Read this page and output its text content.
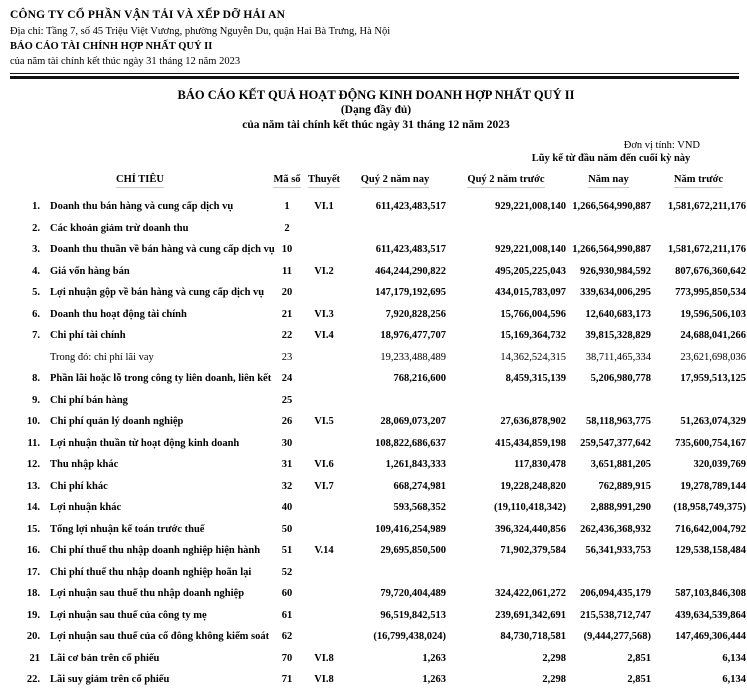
CÔNG TY CỔ PHẦN VẬN TẢI VÀ XẾP DỠ HẢI AN
Địa chỉ: Tầng 7, số 45 Triệu Việt Vương, phường Nguyễn Du, quận Hai Bà Trưng, Hà Nội
BÁO CÁO TÀI CHÍNH HỢP NHẤT QUÝ II
của năm tài chính kết thúc ngày 31 tháng 12 năm 2023
BÁO CÁO KẾT QUẢ HOẠT ĐỘNG KINH DOANH HỢP NHẤT QUÝ II
(Dạng đầy đủ)
của năm tài chính kết thúc ngày 31 tháng 12 năm 2023
Đơn vị tính: VND
Lũy kế từ đầu năm đến cuối kỳ này
CHỈ TIÊU	Mã số Thuyết	Quý 2 năm nay	Quý 2 năm trước	Năm nay	Năm trước
1. Doanh thu bán hàng và cung cấp dịch vụ	1	VI.1	611,423,483,517	929,221,008,140 1,266,564,990,887	1,581,672,211,176
2. Các khoản giảm trừ doanh thu	2
3. Doanh thu thuần về bán hàng và cung cấp dịch vụ 10	611,423,483,517	929,221,008,140 1,266,564,990,887	1,581,672,211,176
4. Giá vốn hàng bán	11	VI.2	464,244,290,822	495,205,225,043	926,930,984,592	807,676,360,642
5. Lợi nhuận gộp về bán hàng và cung cấp dịch vụ	20	147,179,192,695	434,015,783,097	339,634,006,295	773,995,850,534
6. Doanh thu hoạt động tài chính	21	VI.3	7,920,828,256	15,766,004,596	12,640,683,173	19,596,506,103
7. Chi phí tài chính	22	VI.4	18,976,477,707	15,169,364,732	39,815,328,829	24,688,041,266
Trong đó: chi phí lãi vay	23	19,233,488,489	14,362,524,315	38,711,465,334	23,621,698,036
8. Phần lãi hoặc lỗ trong công ty liên doanh, liên kết	24	768,216,600	8,459,315,139	5,206,980,778	17,959,513,125
9. Chi phí bán hàng	25
10. Chi phí quản lý doanh nghiệp	26	VI.5	28,069,073,207	27,636,878,902	58,118,963,775	51,263,074,329
11. Lợi nhuận thuần từ hoạt động kinh doanh	30	108,822,686,637	415,434,859,198	259,547,377,642	735,600,754,167
12. Thu nhập khác	31	VI.6	1,261,843,333	117,830,478	3,651,881,205	320,039,769
13. Chi phí khác	32	VI.7	668,274,981	19,228,248,820	762,889,915	19,278,789,144
14. Lợi nhuận khác	40	593,568,352	(19,110,418,342)	2,888,991,290	(18,958,749,375)
15. Tổng lợi nhuận kế toán trước thuế	50	109,416,254,989	396,324,440,856	262,436,368,932	716,642,004,792
16. Chi phí thuế thu nhập doanh nghiệp hiện hành	51	V.14	29,695,850,500	71,902,379,584	56,341,933,753	129,538,158,484
17. Chi phí thuế thu nhập doanh nghiệp hoãn lại	52
18. Lợi nhuận sau thuế thu nhập doanh nghiệp	60	79,720,404,489	324,422,061,272	206,094,435,179	587,103,846,308
19. Lợi nhuận sau thuế của công ty mẹ	61	96,519,842,513	239,691,342,691	215,538,712,747	439,634,539,864
20. Lợi nhuận sau thuế của cổ đông không kiểm soát	62	(16,799,438,024)	84,730,718,581	(9,444,277,568)	147,469,306,444
21 Lãi cơ bản trên cổ phiếu	70	VI.8	1,263	2,298	2,851	6,134
22. Lãi suy giảm trên cổ phiếu	71	VI.8	1,263	2,298	2,851	6,134
